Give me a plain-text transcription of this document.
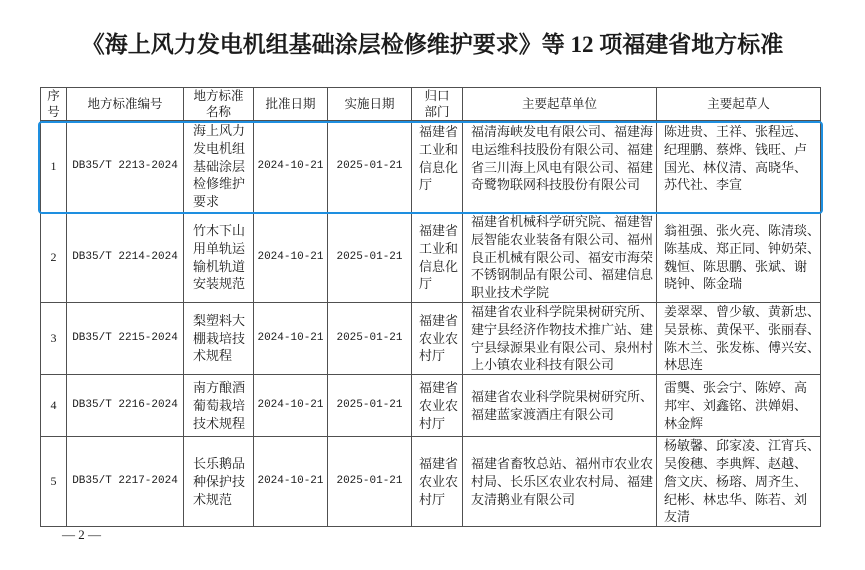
《海上风力发电机组基础涂层检修维护要求》等 12 项福建省地方标准
序
号	地方标准编号	地方标准
名称	批准日期	实施日期	归口
部门	主要起草单位	主要起草人
1	DB35/T 2213-2024	海上风力
发电机组
基础涂层
检修维护
要求	2024-10-21	2025-01-21	福建省
工业和
信息化
厅	福清海峡发电有限公司、福建海
电运维科技股份有限公司、福建
省三川海上风电有限公司、福建
奇鹭物联网科技股份有限公司	陈进贵、王祥、张程远、
纪理鹏、蔡烨、钱旺、卢
国光、林仪清、高晓华、
苏代社、李宣
2	DB35/T 2214-2024	竹木下山
用单轨运
输机轨道
安装规范	2024-10-21	2025-01-21	福建省
工业和
信息化
厅	福建省机械科学研究院、福建智
辰智能农业装备有限公司、福州
良正机械有限公司、福安市海荣
不锈钢制品有限公司、福建信息
职业技术学院	翁祖强、张火亮、陈清琰、
陈基成、郑正同、钟奶荣、
魏恒、陈思鹏、张斌、谢
晓钟、陈金瑞
3	DB35/T 2215-2024	梨塑料大
棚栽培技
术规程	2024-10-21	2025-01-21	福建省
农业农
村厅	福建省农业科学院果树研究所、
建宁县经济作物技术推广站、建
宁县绿源果业有限公司、泉州村
上小镇农业科技有限公司	姜翠翠、曾少敏、黄新忠、
吴景栋、黄保平、张丽春、
陈木兰、张发栋、傅兴安、
林思连
4	DB35/T 2216-2024	南方酿酒
葡萄栽培
技术规程	2024-10-21	2025-01-21	福建省
农业农
村厅	福建省农业科学院果树研究所、
福建蓝家渡酒庄有限公司	雷龑、张会宁、陈婷、高
邦牢、刘鑫铭、洪婵娟、
林金辉
5	DB35/T 2217-2024	长乐鹅品
种保护技
术规范	2024-10-21	2025-01-21	福建省
农业农
村厅	福建省畜牧总站、福州市农业农
村局、长乐区农业农村局、福建
友清鹅业有限公司	杨敏馨、邱家凌、江宵兵、
吴俊穗、李典辉、赵越、
詹文庆、杨瑢、周齐生、
纪彬、林忠华、陈若、刘
友清
— 2 —
